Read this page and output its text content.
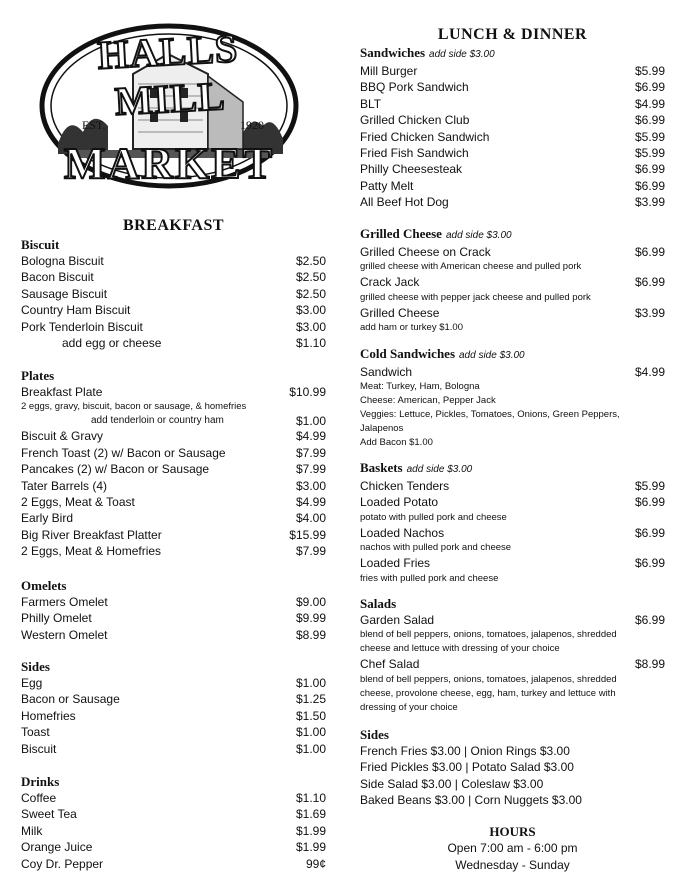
HALLS MILL
EST.	1920
MARKET
BREAKFAST
Biscuit
Bologna Biscuit	$2.50
Bacon Biscuit	$2.50
Sausage Biscuit	$2.50
Country Ham Biscuit	$3.00
Pork Tenderloin Biscuit	$3.00
add egg or cheese	$1.10
Plates
Breakfast Plate	$10.99
2 eggs, gravy, biscuit, bacon or sausage, & homefries
add tenderloin or country ham	$1.00
Biscuit & Gravy	$4.99
French Toast (2) w/ Bacon or Sausage	$7.99
Pancakes (2) w/ Bacon or Sausage	$7.99
Tater Barrels (4)	$3.00
2 Eggs, Meat & Toast	$4.99
Early Bird	$4.00
Big River Breakfast Platter	$15.99
2 Eggs, Meat & Homefries	$7.99
Omelets
Farmers Omelet	$9.00
Philly Omelet	$9.99
Western Omelet	$8.99
Sides
Egg	$1.00
Bacon or Sausage	$1.25
Homefries	$1.50
Toast	$1.00
Biscuit	$1.00
Drinks
Coffee	$1.10
Sweet Tea	$1.69
Milk	$1.99
Orange Juice	$1.99
Coy Dr. Pepper	99¢
LUNCH & DINNER
Sandwiches add side $3.00
Mill Burger	$5.99
BBQ Pork Sandwich	$6.99
BLT	$4.99
Grilled Chicken Club	$6.99
Fried Chicken Sandwich	$5.99
Fried Fish Sandwich	$5.99
Philly Cheesesteak	$6.99
Patty Melt	$6.99
All Beef Hot Dog	$3.99
Grilled Cheese add side $3.00
Grilled Cheese on Crack	$6.99
grilled cheese with American cheese and pulled pork
Crack Jack	$6.99
grilled cheese with pepper jack cheese and pulled pork
Grilled Cheese	$3.99
add ham or turkey $1.00
Cold Sandwiches add side $3.00
Sandwich	$4.99
Meat: Turkey, Ham, Bologna
Cheese: American, Pepper Jack
Veggies: Lettuce, Pickles, Tomatoes, Onions, Green Peppers,
Jalapenos
Add Bacon $1.00
Baskets add side $3.00
Chicken Tenders	$5.99
Loaded Potato	$6.99
potato with pulled pork and cheese
Loaded Nachos	$6.99
nachos with pulled pork and cheese
Loaded Fries	$6.99
fries with pulled pork and cheese
Salads
Garden Salad	$6.99
blend of bell peppers, onions, tomatoes, jalapenos, shredded
cheese and lettuce with dressing of your choice
Chef Salad	$8.99
blend of bell peppers, onions, tomatoes, jalapenos, shredded
cheese, provolone cheese, egg, ham, turkey and lettuce with
dressing of your choice
Sides
French Fries $3.00 | Onion Rings $3.00
Fried Pickles $3.00 | Potato Salad $3.00
Side Salad $3.00 | Coleslaw $3.00
Baked Beans $3.00 | Corn Nuggets $3.00
HOURS
Open 7:00 am - 6:00 pm
Wednesday - Sunday
